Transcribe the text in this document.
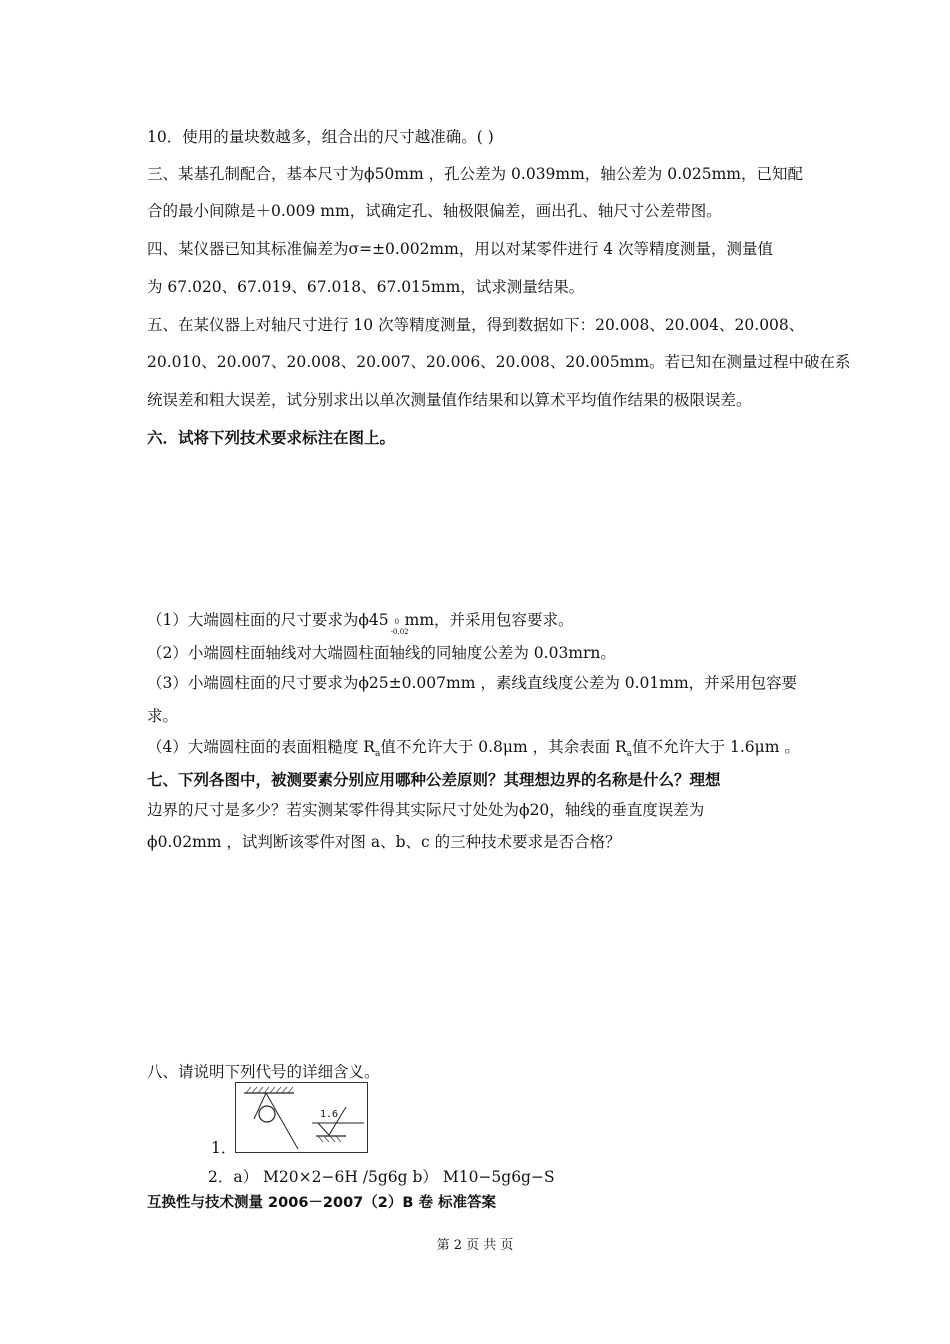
10．使用的量块数越多，组合出的尺寸越准确。( )
三、某基孔制配合，基本尺寸为ϕ50mm ，孔公差为 0.039mm，轴公差为 0.025mm，已知配
合的最小间隙是＋0.009 mm，试确定孔、轴极限偏差，画出孔、轴尺寸公差带图。
四、某仪器已知其标准偏差为σ=±0.002mm，用以对某零件进行 4 次等精度测量，测量值
为 67.020、67.019、67.018、67.015mm，试求测量结果。
五、在某仪器上对轴尺寸进行 10 次等精度测量，得到数据如下：20.008、20.004、20.008、
20.010、20.007、20.008、20.007、20.006、20.008、20.005mm。若已知在测量过程中破在系
统误差和粗大误差，试分别求出以单次测量值作结果和以算术平均值作结果的极限误差。
六．试将下列技术要求标注在图上。
（1）大端圆柱面的尺寸要求为ϕ45 0
-0.02
mm，并采用包容要求。
（2）小端圆柱面轴线对大端圆柱面轴线的同轴度公差为 0.03mrn。
（3）小端圆柱面的尺寸要求为ϕ25±0.007mm ，素线直线度公差为 0.01mm，并采用包容要
求。
（4）大端圆柱面的表面粗糙度 $R_a$值不允许大于 0.8μm ，其余表面 $R_a$值不允许大于 1.6μm 。
七、下列各图中，被测要素分别应用哪种公差原则？其理想边界的名称是什么？理想
边界的尺寸是多少？若实测某零件得其实际尺寸处处为ϕ20，轴线的垂直度误差为
ϕ0.02mm ，试判断该零件对图 a、b、c 的三种技术要求是否合格？
八、请说明下列代号的详细含义。
1.6
1．
2．a） M20×2−6H /5g6g b） M10−5g6g−S
互换性与技术测量 2006－2007（2）B 卷 标准答案
第 2 页 共 页
